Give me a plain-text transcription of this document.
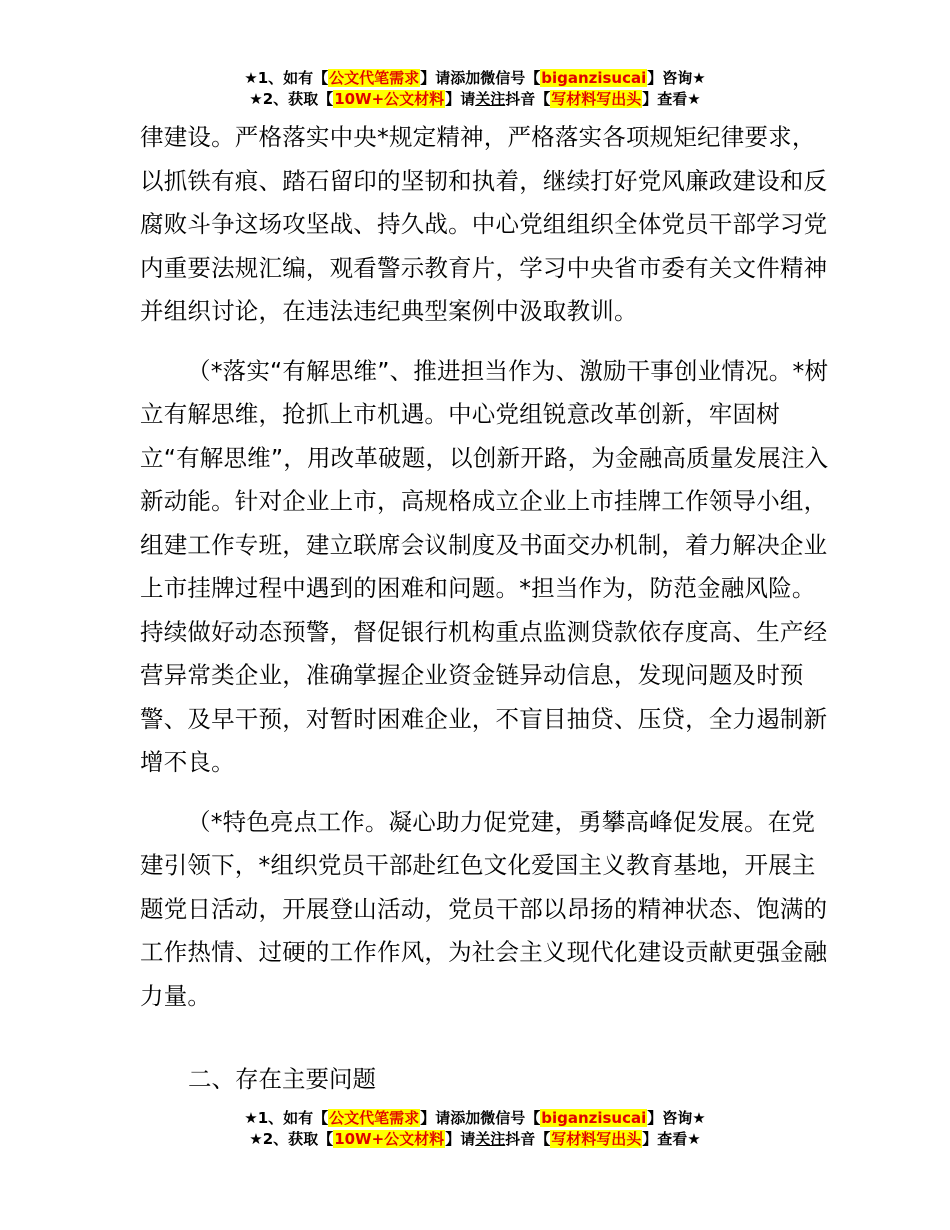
★1、如有【公文代笔需求】请添加微信号【biganzisucai】咨询★
★2、获取【10W+公文材料】请关注抖音【写材料写出头】查看★

律建设。严格落实中央*规定精神，严格落实各项规矩纪律要求，以抓铁有痕、踏石留印的坚韧和执着，继续打好党风廉政建设和反腐败斗争这场攻坚战、持久战。中心党组组织全体党员干部学习党内重要法规汇编，观看警示教育片，学习中央省市委有关文件精神并组织讨论，在违法违纪典型案例中汲取教训。

（*落实“有解思维”、推进担当作为、激励干事创业情况。*树立有解思维，抢抓上市机遇。中心党组锐意改革创新，牢固树立“有解思维”，用改革破题，以创新开路，为金融高质量发展注入新动能。针对企业上市，高规格成立企业上市挂牌工作领导小组，组建工作专班，建立联席会议制度及书面交办机制，着力解决企业上市挂牌过程中遇到的困难和问题。*担当作为，防范金融风险。持续做好动态预警，督促银行机构重点监测贷款依存度高、生产经营异常类企业，准确掌握企业资金链异动信息，发现问题及时预警、及早干预，对暂时困难企业，不盲目抽贷、压贷，全力遏制新增不良。

（*特色亮点工作。凝心助力促党建，勇攀高峰促发展。在党建引领下，*组织党员干部赴红色文化爱国主义教育基地，开展主题党日活动，开展登山活动，党员干部以昂扬的精神状态、饱满的工作热情、过硬的工作作风，为社会主义现代化建设贡献更强金融力量。

二、存在主要问题
★1、如有【公文代笔需求】请添加微信号【biganzisucai】咨询★
★2、获取【10W+公文材料】请关注抖音【写材料写出头】查看★
